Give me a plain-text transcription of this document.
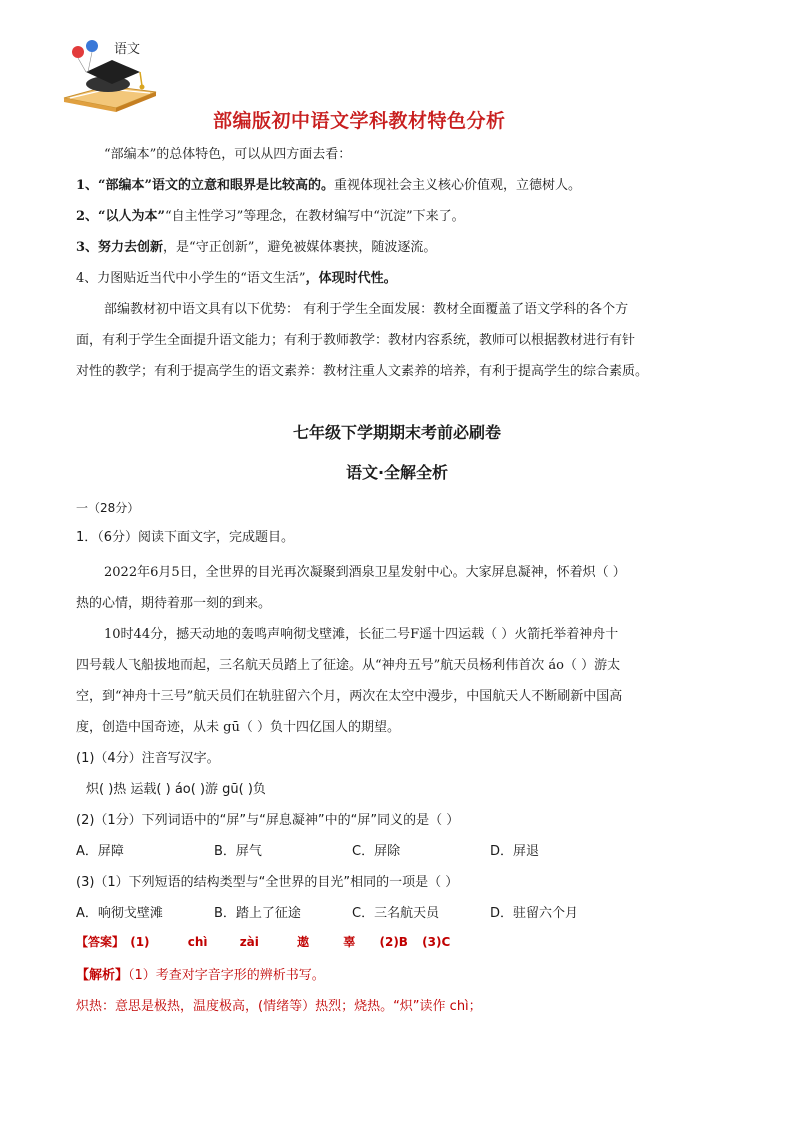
语文
部编版初中语文学科教材特色分析
“部编本”的总体特色，可以从四方面去看：
1、“部编本”语文的立意和眼界是比较高的。重视体现社会主义核心价值观，立德树人。
2、“以人为本”“自主性学习”等理念，在教材编写中“沉淀”下来了。
3、努力去创新，是“守正创新”，避免被媒体裹挟，随波逐流。
4、力图贴近当代中小学生的“语文生活”，体现时代性。
部编教材初中语文具有以下优势： 有利于学生全面发展：教材全面覆盖了语文学科的各个方
面，有利于学生全面提升语文能力；有利于教师教学：教材内容系统，教师可以根据教材进行有针
对性的教学；有利于提高学生的语文素养：教材注重人文素养的培养，有利于提高学生的综合素质。
七年级下学期期末考前必刷卷
语文·全解全析
一（28分）
1．（6分）阅读下面文字，完成题目。
2022年6月5日，全世界的目光再次凝聚到酒泉卫星发射中心。大家屏息凝神，怀着炽（ ）
热的心情，期待着那一刻的到来。
10时44分，撼天动地的轰鸣声响彻戈壁滩，长征二号F遥十四运载（ ）火箭托举着神舟十
四号载人飞船拔地而起，三名航天员踏上了征途。从“神舟五号”航天员杨利伟首次 áo（ ）游太
空，到“神舟十三号”航天员们在轨驻留六个月，两次在太空中漫步，中国航天人不断刷新中国高
度，创造中国奇迹，从未 gū（ ）负十四亿国人的期望。
(1)（4分）注音写汉字。
炽( )热 运载( ) áo( )游 gū( )负
(2)（1分）下列词语中的“屏”与“屏息凝神”中的“屏”同义的是（ ）
A．屏障	B．屏气	C．屏除	D．屏退
(3)（1）下列短语的结构类型与“全世界的目光”相同的一项是（ ）
A．响彻戈壁滩	B．踏上了征途	C．三名航天员	D．驻留六个月
【答案】 (1)	chì	zài	遨	辜 (2)B (3)C
【解析】（1）考查对字音字形的辨析书写。
炽热：意思是极热，温度极高，(情绪等）热烈；烧热。“炽”读作 chì；
